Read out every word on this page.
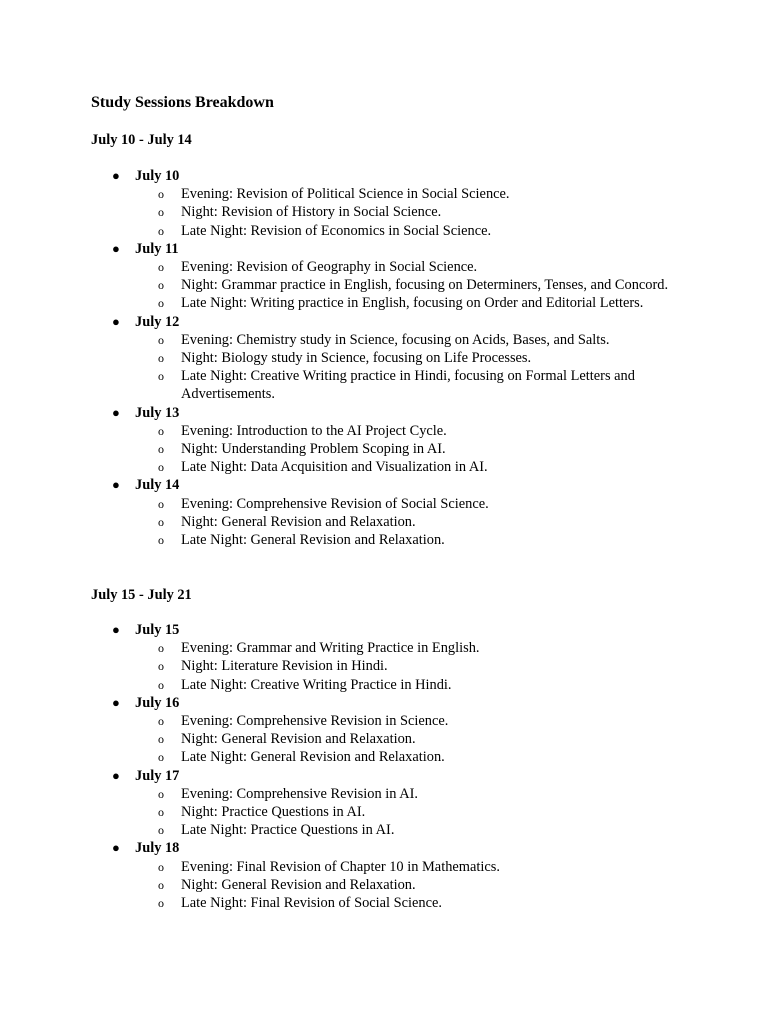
Study Sessions Breakdown

July 10 - July 14

● July 10
o Evening: Revision of Political Science in Social Science.
o Night: Revision of History in Social Science.
o Late Night: Revision of Economics in Social Science.
● July 11
o Evening: Revision of Geography in Social Science.
o Night: Grammar practice in English, focusing on Determiners, Tenses, and Concord.
o Late Night: Writing practice in English, focusing on Order and Editorial Letters.
● July 12
o Evening: Chemistry study in Science, focusing on Acids, Bases, and Salts.
o Night: Biology study in Science, focusing on Life Processes.
o Late Night: Creative Writing practice in Hindi, focusing on Formal Letters and Advertisements.
● July 13
o Evening: Introduction to the AI Project Cycle.
o Night: Understanding Problem Scoping in AI.
o Late Night: Data Acquisition and Visualization in AI.
● July 14
o Evening: Comprehensive Revision of Social Science.
o Night: General Revision and Relaxation.
o Late Night: General Revision and Relaxation.

July 15 - July 21

● July 15
o Evening: Grammar and Writing Practice in English.
o Night: Literature Revision in Hindi.
o Late Night: Creative Writing Practice in Hindi.
● July 16
o Evening: Comprehensive Revision in Science.
o Night: General Revision and Relaxation.
o Late Night: General Revision and Relaxation.
● July 17
o Evening: Comprehensive Revision in AI.
o Night: Practice Questions in AI.
o Late Night: Practice Questions in AI.
● July 18
o Evening: Final Revision of Chapter 10 in Mathematics.
o Night: General Revision and Relaxation.
o Late Night: Final Revision of Social Science.
